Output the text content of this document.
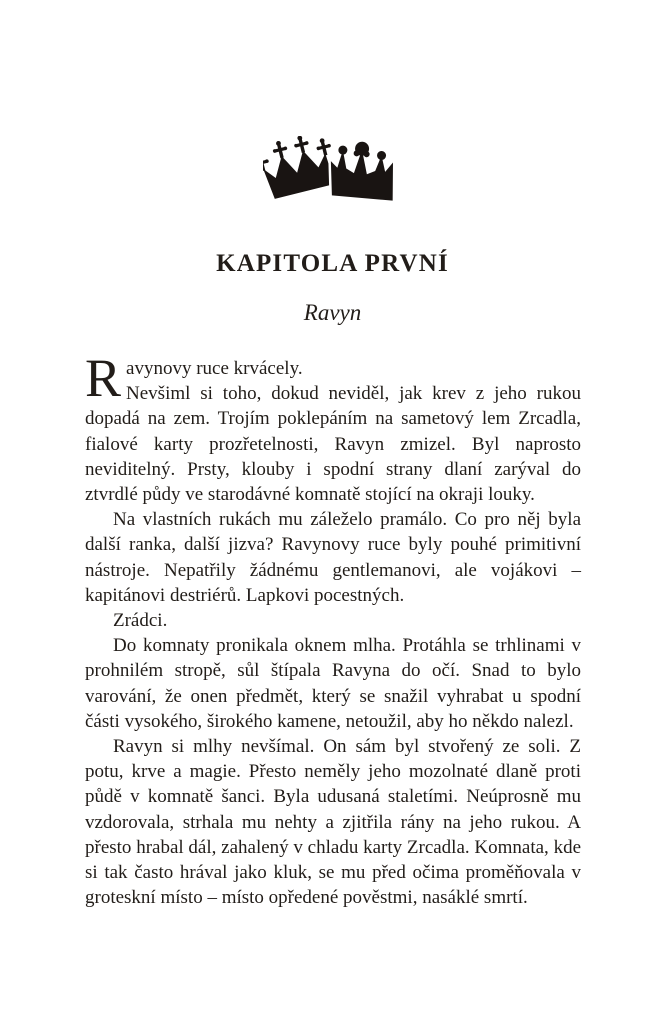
KAPITOLA PRVNÍ
Ravyn

Ravynovy ruce krvácely.
Nevšiml si toho, dokud neviděl, jak krev z jeho rukou dopadá na zem. Trojím poklepáním na sametový lem Zrcadla, fialové karty prozřetelnosti, Ravyn zmizel. Byl naprosto neviditelný. Prsty, klouby i spodní strany dlaní zarýval do ztvrdlé půdy ve starodávné komnatě stojící na okraji louky.

Na vlastních rukách mu záleželo pramálo. Co pro něj byla další ranka, další jizva? Ravynovy ruce byly pouhé primitivní nástroje. Nepatřily žádnému gentlemanovi, ale vojákovi – kapitánovi destriérů. Lapkovi pocestných.

Zrádci.

Do komnaty pronikala oknem mlha. Protáhla se trhlinami v prohnilém stropě, sůl štípala Ravyna do očí. Snad to bylo varování, že onen předmět, který se snažil vyhrabat u spodní části vysokého, širokého kamene, netoužil, aby ho někdo nalezl.

Ravyn si mlhy nevšímal. On sám byl stvořený ze soli. Z potu, krve a magie. Přesto neměly jeho mozolnaté dlaně proti půdě v komnatě šanci. Byla udusaná staletími. Neúprosně mu vzdorovala, strhala mu nehty a zjitřila rány na jeho rukou. A přesto hrabal dál, zahalený v chladu karty Zrcadla. Komnata, kde si tak často hrával jako kluk, se mu před očima proměňovala v groteskní místo – místo opředené pověstmi, nasáklé smrtí.
